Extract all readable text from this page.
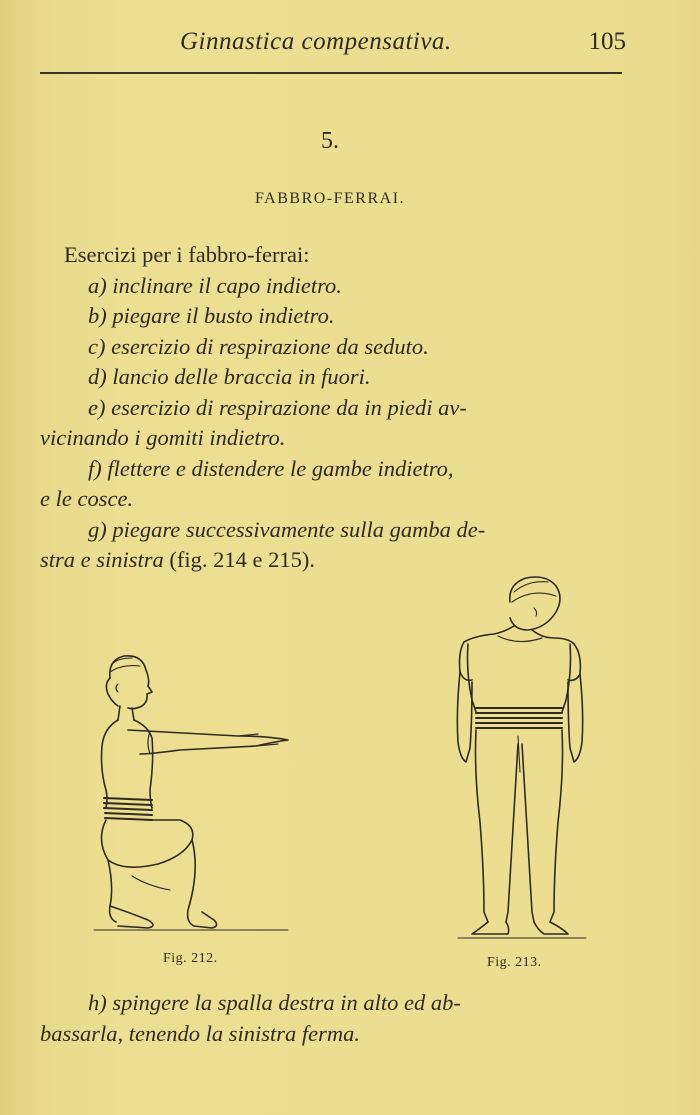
Ginnastica compensativa.	105
5.
FABBRO-FERRAI.
Esercizi per i fabbro-ferrai:
a) inclinare il capo indietro.
b) piegare il busto indietro.
c) esercizio di respirazione da seduto.
d) lancio delle braccia in fuori.
e) esercizio di respirazione da in piedi av-
vicinando i gomiti indietro.
f) flettere e distendere le gambe indietro,
e le cosce.
g) piegare successivamente sulla gamba de-
stra e sinistra (fig. 214 e 215).
Fig. 212.	Fig. 213.
h) spingere la spalla destra in alto ed ab-
bassarla, tenendo la sinistra ferma.
